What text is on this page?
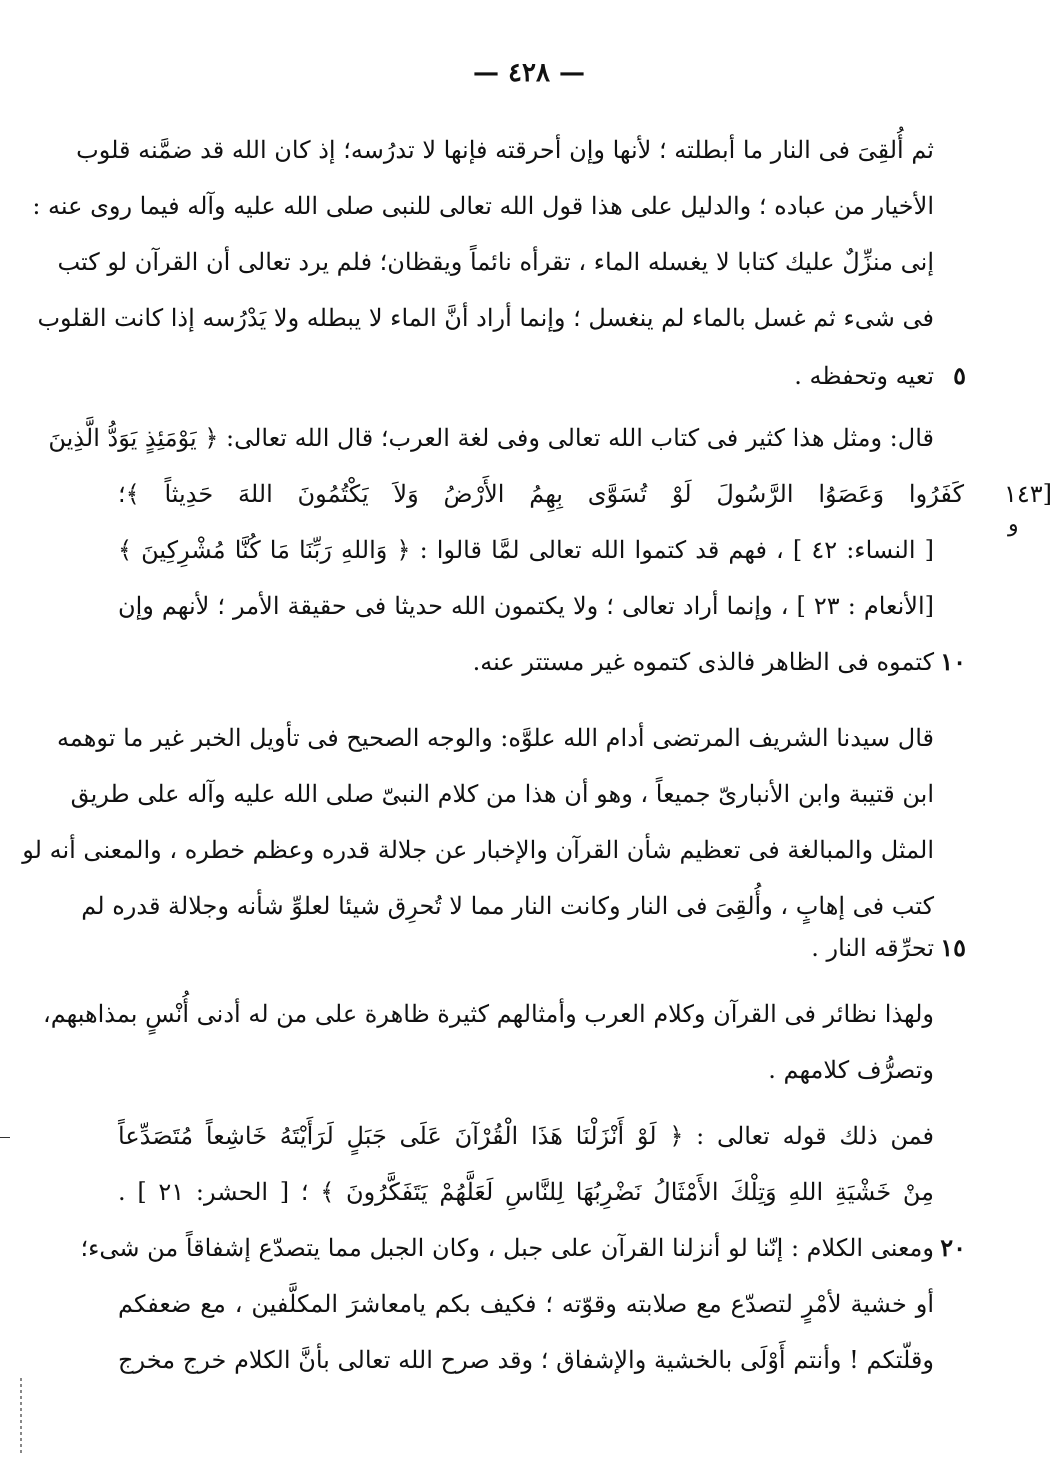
— ٤٢٨ —
ثم أُلقِىَ فى النار ما أبطلته ؛ لأنها وإن أحرقته فإنها لا تدرُسه؛ إذ كان الله قد ضمَّنه قلوب
الأخيار من عباده ؛ والدليل على هذا قول الله تعالى للنبى صلى الله عليه وآله فيما روى عنه :
إنى منزِّلٌ عليك كتابا لا يغسله الماء ، تقرأه نائماً ويقظان؛ فلم يرد تعالى أن القرآن لو كتب
فى شىء ثم غسل بالماء لم ينغسل ؛ وإنما أراد أنَّ الماء لا يبطله ولا يَدْرُسه إذا كانت القلوب
تعيه وتحفظه . ٥
قال: ومثل هذا كثير فى كتاب الله تعالى وفى لغة العرب؛ قال الله تعالى: ﴿ يَوْمَئِذٍ يَوَدُّ الَّذِينَ
[١٤٣
و
كَفَرُوا وَعَصَوُا الرَّسُولَ لَوْ تُسَوَّى بِهِمُ الأَرْضُ وَلاَ يَكْتُمُونَ اللهَ حَدِيثاً ﴾؛
[ النساء: ٤٢ ] ، فهم قد كتموا الله تعالى لمَّا قالوا : ﴿ وَاللهِ رَبِّنَا مَا كُنَّا مُشْرِكِينَ ﴾
[الأنعام : ٢٣ ] ، وإنما أراد تعالى ؛ ولا يكتمون الله حديثا فى حقيقة الأمر ؛ لأنهم وإن
كتموه فى الظاهر فالذى كتموه غير مستتر عنه. ١٠
قال سيدنا الشريف المرتضى أدام الله علوَّه: والوجه الصحيح فى تأويل الخبر غير ما توهمه
ابن قتيبة وابن الأنبارىّ جميعاً ، وهو أن هذا من كلام النبىّ صلى الله عليه وآله على طريق
المثل والمبالغة فى تعظيم شأن القرآن والإخبار عن جلالة قدره وعظم خطره ، والمعنى أنه لو
كتب فى إهابٍ ، وأُلقِىَ فى النار وكانت النار مما لا تُحرِق شيئا لعلوِّ شأنه وجلالة قدره لم
تحرِّقه النار . ١٥
ولهذا نظائر فى القرآن وكلام العرب وأمثالهم كثيرة ظاهرة على من له أدنى أُنْسٍ بمذاهبهم،
وتصرُّف كلامهم .
فمن ذلك قوله تعالى : ﴿ لَوْ أَنْزَلْنَا هَذَا الْقُرْآنَ عَلَى جَبَلٍ لَرَأَيْتَهُ خَاشِعاً مُتَصَدِّعاً
مِنْ خَشْيَةِ اللهِ وَتِلْكَ الأَمْثَالُ نَضْرِبُهَا لِلنَّاسِ لَعَلَّهُمْ يَتَفَكَّرُونَ ﴾ ؛ [ الحشر: ٢١ ] .
ومعنى الكلام : إنّنا لو أنزلنا القرآن على جبل ، وكان الجبل مما يتصدّع إشفاقاً من شىء؛ ٢٠
أو خشية لأمْرٍ لتصدّع مع صلابته وقوّته ؛ فكيف بكم يامعاشرَ المكلَّفين ، مع ضعفكم
وقلّتكم ! وأنتم أَوْلَى بالخشية والإشفاق ؛ وقد صرح الله تعالى بأنَّ الكلام خرج مخرج
